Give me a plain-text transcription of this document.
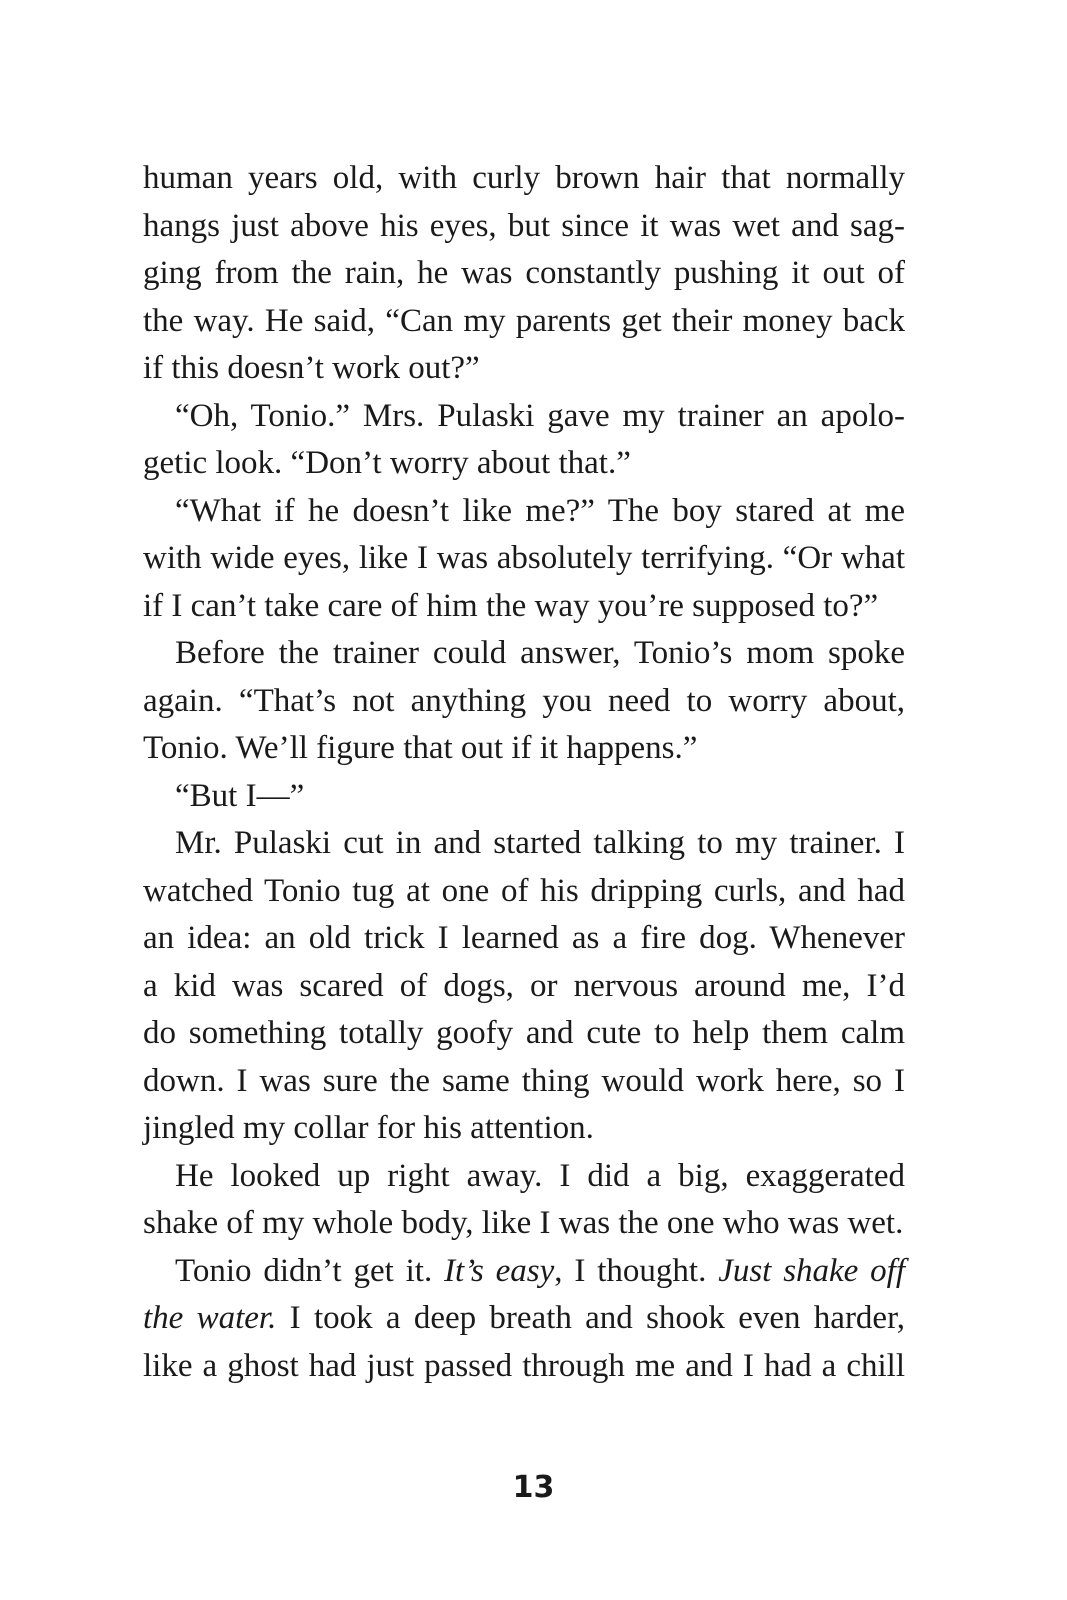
human years old, with curly brown hair that normally
hangs just above his eyes, but since it was wet and sag-
ging from the rain, he was constantly pushing it out of
the way. He said, “Can my parents get their money back
if this doesn’t work out?”
“Oh, Tonio.” Mrs. Pulaski gave my trainer an apolo-
getic look. “Don’t worry about that.”
“What if he doesn’t like me?” The boy stared at me
with wide eyes, like I was absolutely terrifying. “Or what
if I can’t take care of him the way you’re supposed to?”
Before the trainer could answer, Tonio’s mom spoke
again. “That’s not anything you need to worry about,
Tonio. We’ll figure that out if it happens.”
“But I—”
Mr. Pulaski cut in and started talking to my trainer. I
watched Tonio tug at one of his dripping curls, and had
an idea: an old trick I learned as a fire dog. Whenever
a kid was scared of dogs, or nervous around me, I’d
do something totally goofy and cute to help them calm
down. I was sure the same thing would work here, so I
jingled my collar for his attention.
He looked up right away. I did a big, exaggerated
shake of my whole body, like I was the one who was wet.
Tonio didn’t get it. It’s easy, I thought. Just shake off
the water. I took a deep breath and shook even harder,
like a ghost had just passed through me and I had a chill
13
